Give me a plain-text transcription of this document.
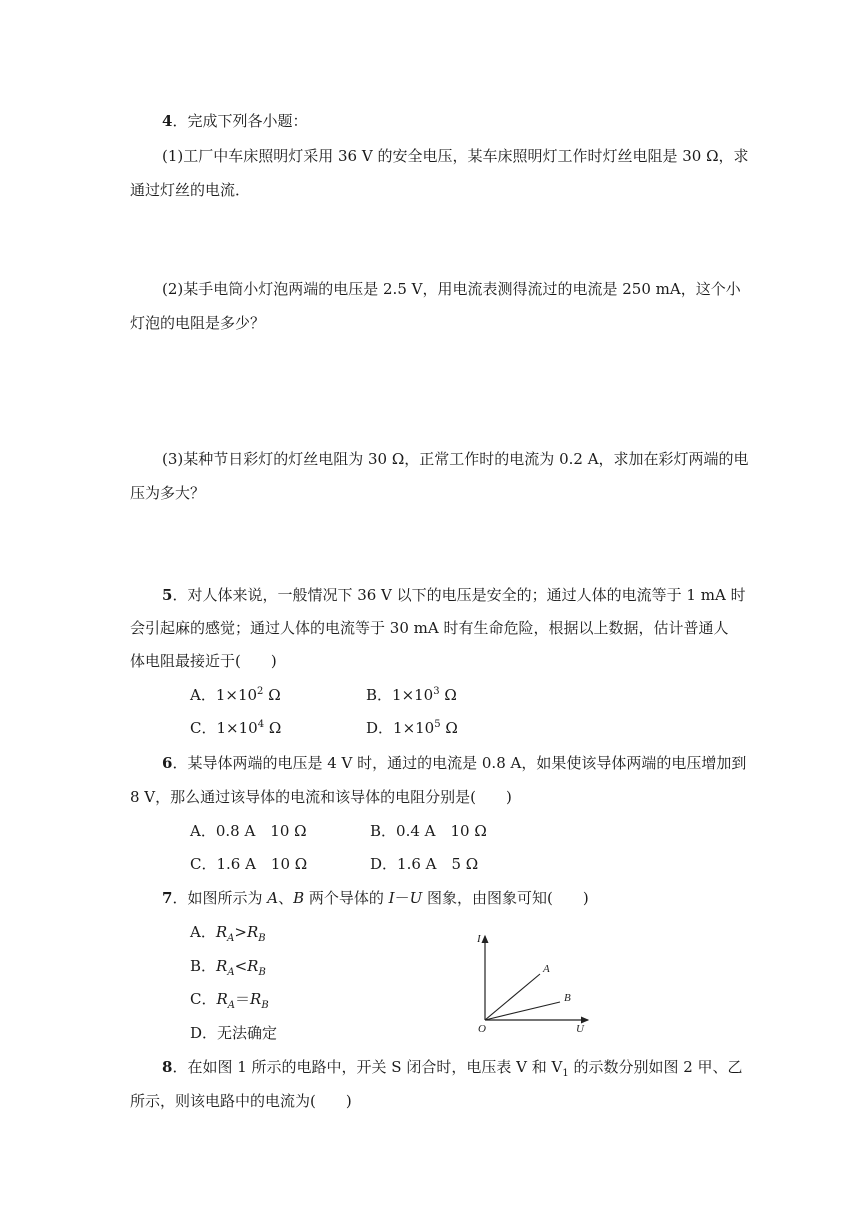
4．完成下列各小题：
(1)工厂中车床照明灯采用 36 V 的安全电压，某车床照明灯工作时灯丝电阻是 30 Ω，求
通过灯丝的电流．
(2)某手电筒小灯泡两端的电压是 2.5 V，用电流表测得流过的电流是 250 mA，这个小
灯泡的电阻是多少？
(3)某种节日彩灯的灯丝电阻为 30 Ω，正常工作时的电流为 0.2 A，求加在彩灯两端的电
压为多大？
5．对人体来说，一般情况下 36 V 以下的电压是安全的；通过人体的电流等于 1 mA 时
会引起麻的感觉；通过人体的电流等于 30 mA 时有生命危险，根据以上数据，估计普通人
体电阻最接近于(　　)
A．$1\times 10^2$ Ω	B．$1\times 10^3$ Ω
C．$1\times 10^4$ Ω	D．$1\times 10^5$ Ω
6．某导体两端的电压是 4 V 时，通过的电流是 0.8 A，如果使该导体两端的电压增加到
8 V，那么通过该导体的电流和该导体的电阻分别是(　　)
A．0.8 A　10 Ω	B．0.4 A　10 Ω
C．1.6 A　10 Ω	D．1.6 A　5 Ω
7．如图所示为 A、B 两个导体的 I－U 图象，由图象可知(　　)
A．$R_A>R_B$
B．$R_A<R_B$
C．$R_A=R_B$
D．无法确定
I
U
O
A
B
8．在如图 1 所示的电路中，开关 S 闭合时，电压表 V 和 $V_1$ 的示数分别如图 2 甲、乙
所示，则该电路中的电流为(　　)
